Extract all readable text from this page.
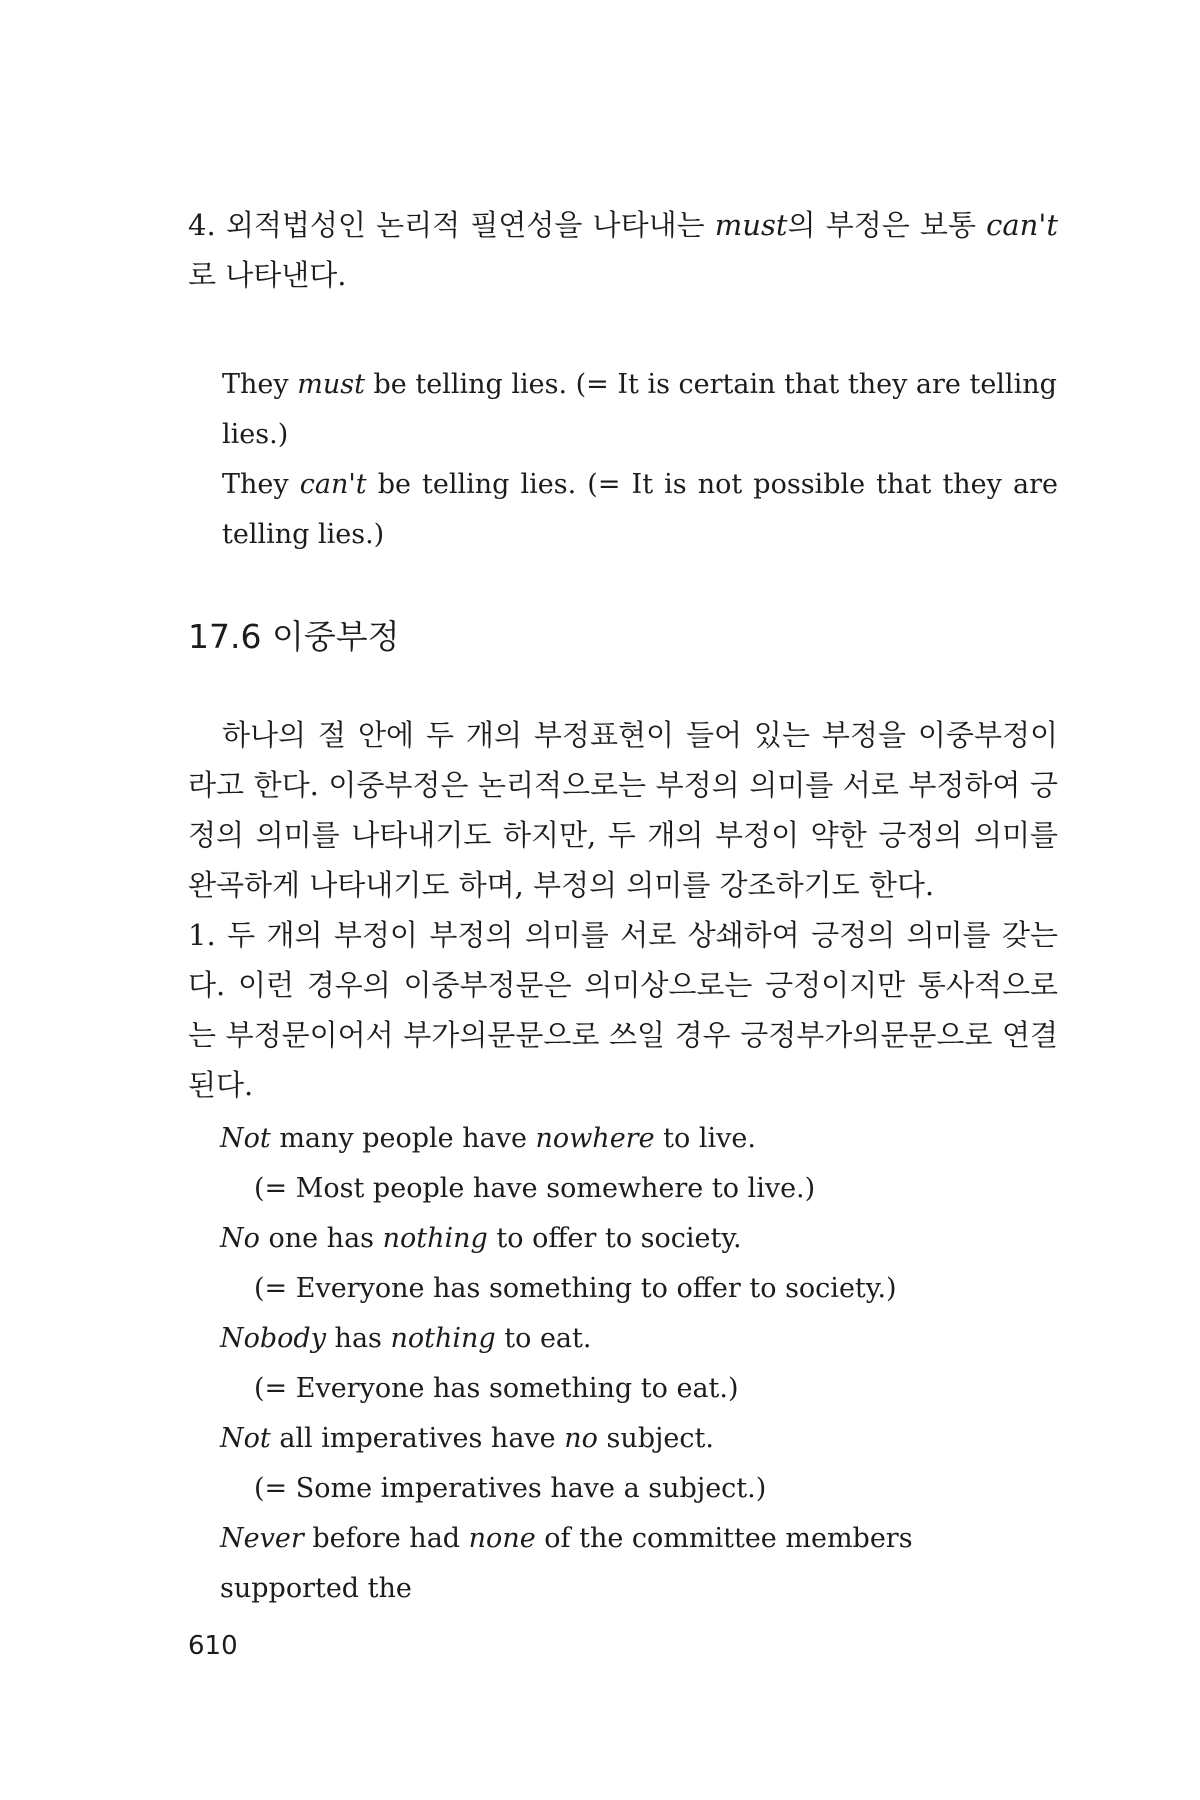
4. 외적법성인 논리적 필연성을 나타내는 must의 부정은 보통 can't로 나타낸다.

They must be telling lies. (= It is certain that they are telling lies.)
They can't be telling lies. (= It is not possible that they are telling lies.)
17.6 이중부정

하나의 절 안에 두 개의 부정표현이 들어 있는 부정을 이중부정이라고 한다. 이중부정은 논리적으로는 부정의 의미를 서로 부정하여 긍정의 의미를 나타내기도 하지만, 두 개의 부정이 약한 긍정의 의미를 완곡하게 나타내기도 하며, 부정의 의미를 강조하기도 한다.
1. 두 개의 부정이 부정의 의미를 서로 상쇄하여 긍정의 의미를 갖는다. 이런 경우의 이중부정문은 의미상으로는 긍정이지만 통사적으로는 부정문이어서 부가의문문으로 쓰일 경우 긍정부가의문문으로 연결된다.

Not many people have nowhere to live.
(= Most people have somewhere to live.)
No one has nothing to offer to society.
(= Everyone has something to offer to society.)
Nobody has nothing to eat.
(= Everyone has something to eat.)
Not all imperatives have no subject.
(= Some imperatives have a subject.)
Never before had none of the committee members supported the

610
